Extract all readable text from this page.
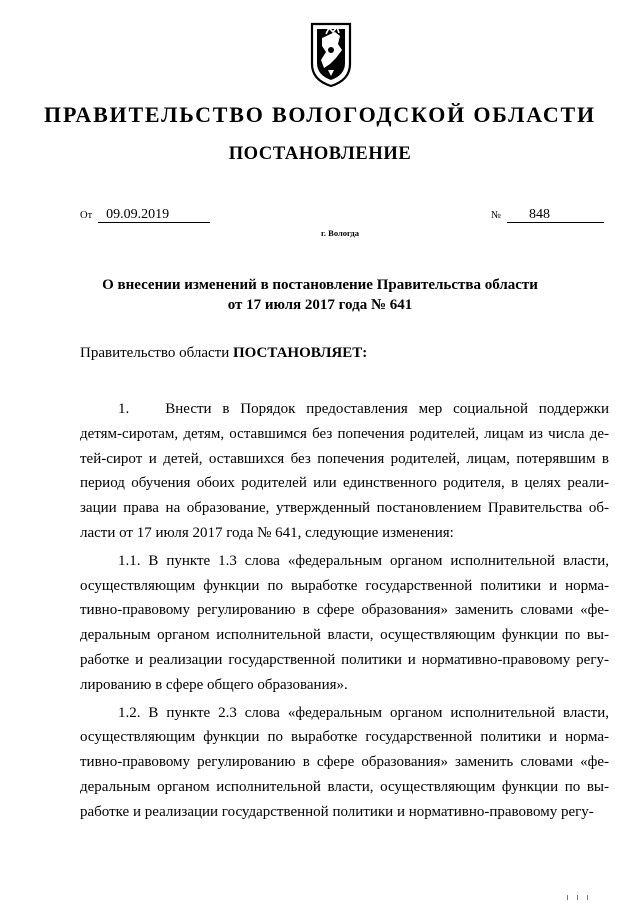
ПРАВИТЕЛЬСТВО ВОЛОГОДСКОЙ ОБЛАСТИ
ПОСТАНОВЛЕНИЕ
От 09.09.2019	№ 848
г. Вологда
О внесении изменений в постановление Правительства области
от 17 июля 2017 года № 641
Правительство области ПОСТАНОВЛЯЕТ:

1. Внести в Порядок предоставления мер социальной поддержки детям-сиротам, детям, оставшимся без попечения родителей, лицам из числа детей-сирот и детей, оставшихся без попечения родителей, лицам, потерявшим в период обучения обоих родителей или единственного родителя, в целях реализации права на образование, утвержденный постановлением Правительства области от 17 июля 2017 года № 641, следующие изменения:

1.1. В пункте 1.3 слова «федеральным органом исполнительной власти, осуществляющим функции по выработке государственной политики и нормативно-правовому регулированию в сфере образования» заменить словами «федеральным органом исполнительной власти, осуществляющим функции по выработке и реализации государственной политики и нормативно-правовому регулированию в сфере общего образования».

1.2. В пункте 2.3 слова «федеральным органом исполнительной власти, осуществляющим функции по выработке государственной политики и нормативно-правовому регулированию в сфере образования» заменить словами «федеральным органом исполнительной власти, осуществляющим функции по выработке и реализации государственной политики и нормативно-правовому регу-
